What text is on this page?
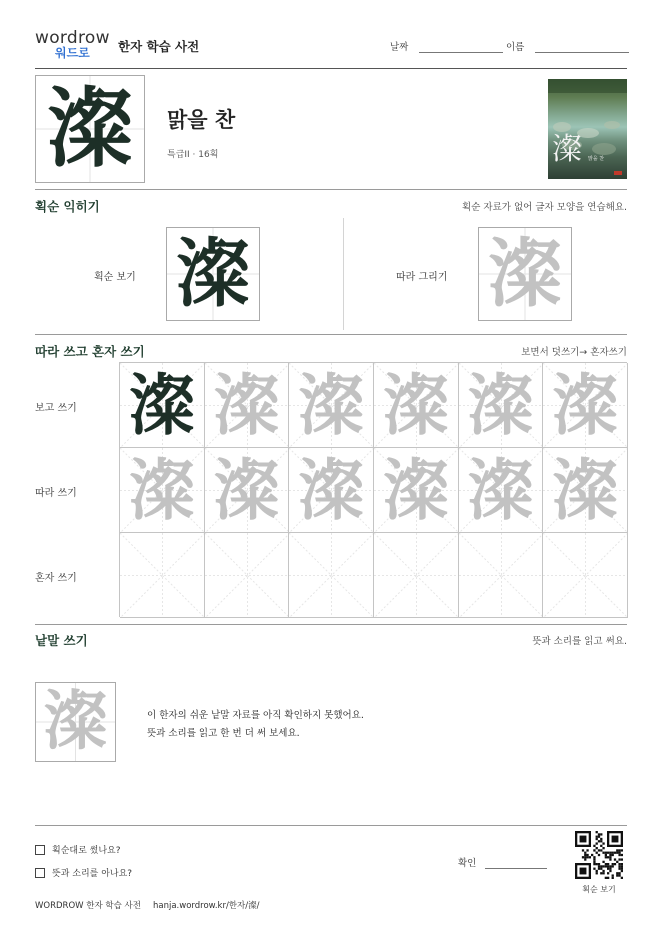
wordrow
워드로	한자 학습 사전	날짜	이름
澯	맑을 찬
특급II · 16획	澯 맑을 찬
획순 익히기	획순 자료가 없어 글자 모양을 연습해요.
획순 보기 澯	따라 그리기 澯
따라 쓰고 혼자 쓰기	보면서 덧쓰기→ 혼자쓰기
보고 쓰기
따라 쓰기
혼자 쓰기
澯 澯 澯 澯 澯 澯
澯 澯 澯 澯 澯 澯
낱말 쓰기	뜻과 소리를 읽고 써요.
澯	이 한자의 쉬운 낱말 자료를 아직 확인하지 못했어요.
뜻과 소리를 읽고 한 번 더 써 보세요.
획순대로 썼나요?
뜻과 소리를 아나요?
확인
획순 보기
WORDROW 한자 학습 사전 hanja.wordrow.kr/한자/澯/
